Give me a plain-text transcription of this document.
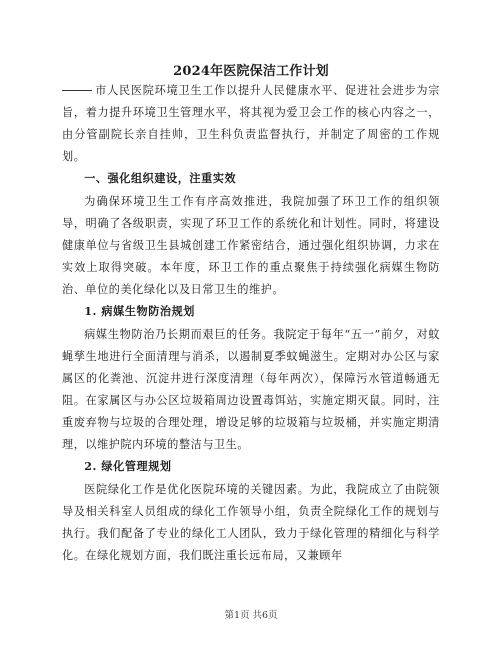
2024年医院保洁工作计划

市人民医院环境卫生工作以提升人民健康水平、促进社会进步为宗旨，着力提升环境卫生管理水平，将其视为爱卫会工作的核心内容之一，由分管副院长亲自挂帅，卫生科负责监督执行，并制定了周密的工作规划。

一、强化组织建设，注重实效

为确保环境卫生工作有序高效推进，我院加强了环卫工作的组织领导，明确了各级职责，实现了环卫工作的系统化和计划性。同时，将建设健康单位与省级卫生县城创建工作紧密结合，通过强化组织协调，力求在实效上取得突破。本年度，环卫工作的重点聚焦于持续强化病媒生物防治、单位的美化绿化以及日常卫生的维护。

1. 病媒生物防治规划

病媒生物防治乃长期而艰巨的任务。我院定于每年“五一”前夕，对蚊蝇孳生地进行全面清理与消杀，以遏制夏季蚊蝇滋生。定期对办公区与家属区的化粪池、沉淀井进行深度清理（每年两次），保障污水管道畅通无阻。在家属区与办公区垃圾箱周边设置毒饵站，实施定期灭鼠。同时，注重废弃物与垃圾的合理处理，增设足够的垃圾箱与垃圾桶，并实施定期清理，以维护院内环境的整洁与卫生。

2. 绿化管理规划

医院绿化工作是优化医院环境的关键因素。为此，我院成立了由院领导及相关科室人员组成的绿化工作领导小组，负责全院绿化工作的规划与执行。我们配备了专业的绿化工人团队，致力于绿化管理的精细化与科学化。在绿化规划方面，我们既注重长远布局，又兼顾年

第1页 共6页
